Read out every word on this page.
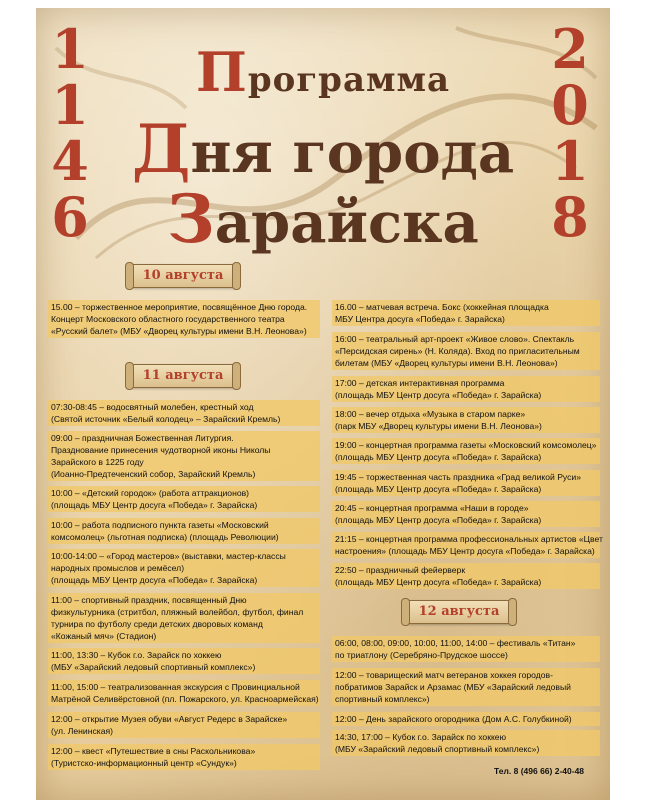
1
1
4
6
2
0
1
8
Программа
Дня города
Зарайска
10 августа
11 августа
12 августа
15.00 – торжественное мероприятие, посвящённое Дню города.
Концерт Московского областного государственного театра
«Русский балет» (МБУ «Дворец культуры имени В.Н. Леонова»)
07:30-08:45 – водосвятный молебен, крестный ход
(Святой источник «Белый колодец» – Зарайский Кремль)
09:00 – праздничная Божественная Литургия.
Празднование принесения чудотворной иконы Николы
Зарайского в 1225 году
(Иоанно-Предтеченский собор, Зарайский Кремль)
10:00 – «Детский городок» (работа аттракционов)
(площадь МБУ Центр досуга «Победа» г. Зарайска)
10:00 – работа подписного пункта газеты «Московский
комсомолец» (льготная подписка) (площадь Революции)
10:00-14:00 – «Город мастеров» (выставки, мастер-классы
народных промыслов и ремёсел)
(площадь МБУ Центр досуга «Победа» г. Зарайска)
11:00 – спортивный праздник, посвященный Дню
физкультурника (стритбол, пляжный волейбол, футбол, финал
турнира по футболу среди детских дворовых команд
«Кожаный мяч» (Стадион)
11:00, 13:30 – Кубок г.о. Зарайск по хоккею
(МБУ «Зарайский ледовый спортивный комплекс»)
11:00, 15:00 – театрализованная экскурсия с Провинциальной
Матрёной Селивёрстовной (пл. Пожарского, ул. Красноармейская)
12:00 – открытие Музея обуви «Август Редерс в Зарайске»
(ул. Ленинская)
12:00 – квест «Путешествие в сны Раскольникова»
(Туристско-информационный центр «Сундук»)
16.00 – матчевая встреча. Бокс (хоккейная площадка
МБУ Центра досуга «Победа» г. Зарайска)
16:00 – театральный арт-проект «Живое слово». Спектакль
«Персидская сирень» (Н. Коляда). Вход по пригласительным
билетам (МБУ «Дворец культуры имени В.Н. Леонова»)
17:00 – детская интерактивная программа
(площадь МБУ Центр досуга «Победа» г. Зарайска)
18:00 – вечер отдыха «Музыка в старом парке»
(парк МБУ «Дворец культуры имени В.Н. Леонова»)
19:00 – концертная программа газеты «Московский комсомолец»
(площадь МБУ Центр досуга «Победа» г. Зарайска)
19:45 – торжественная часть праздника «Град великой Руси»
(площадь МБУ Центр досуга «Победа» г. Зарайска)
20:45 – концертная программа «Наши в городе»
(площадь МБУ Центр досуга «Победа» г. Зарайска)
21:15 – концертная программа профессиональных артистов «Цвет
настроения» (площадь МБУ Центр досуга «Победа» г. Зарайска)
22:50 – праздничный фейерверк
(площадь МБУ Центр досуга «Победа» г. Зарайска)
06:00, 08:00, 09:00, 10:00, 11:00, 14:00 – фестиваль «Титан»
по триатлону (Серебряно-Прудское шоссе)
12:00 – товарищеский матч ветеранов хоккея городов-
побратимов Зарайск и Арзамас (МБУ «Зарайский ледовый
спортивный комплекс»)
12:00 – День зарайского огородника (Дом А.С. Голубкиной)
14:30, 17:00 – Кубок г.о. Зарайск по хоккею
(МБУ «Зарайский ледовый спортивный комплекс»)
Тел. 8 (496 66) 2-40-48
